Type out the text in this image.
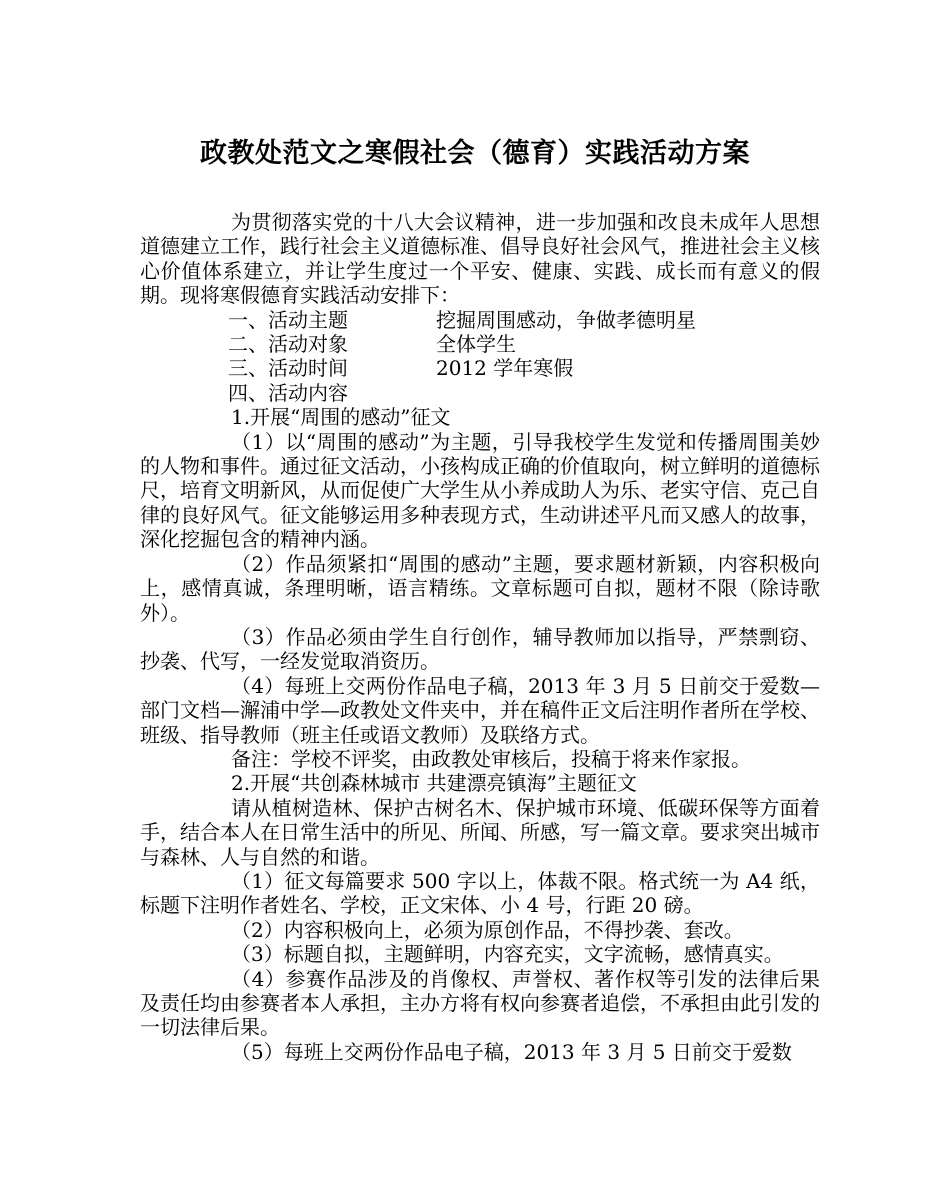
政教处范文之寒假社会（德育）实践活动方案

为贯彻落实党的十八大会议精神，进一步加强和改良未成年人思想道德建立工作，践行社会主义道德标准、倡导良好社会风气，推进社会主义核心价值体系建立，并让学生度过一个平安、健康、实践、成长而有意义的假期。现将寒假德育实践活动安排下：

一、活动主题	挖掘周围感动，争做孝德明星
二、活动对象	全体学生
三、活动时间	2012 学年寒假
四、活动内容

1.开展“周围的感动”征文

（1）以“周围的感动”为主题，引导我校学生发觉和传播周围美妙的人物和事件。通过征文活动，小孩构成正确的价值取向，树立鲜明的道德标尺，培育文明新风，从而促使广大学生从小养成助人为乐、老实守信、克己自律的良好风气。征文能够运用多种表现方式，生动讲述平凡而又感人的故事，深化挖掘包含的精神内涵。

（2）作品须紧扣“周围的感动”主题，要求题材新颖，内容积极向上，感情真诚，条理明晰，语言精练。文章标题可自拟，题材不限（除诗歌外）。

（3）作品必须由学生自行创作，辅导教师加以指导，严禁剽窃、抄袭、代写，一经发觉取消资历。

（4）每班上交两份作品电子稿，2013 年 3 月 5 日前交于爱数—部门文档—澥浦中学—政教处文件夹中，并在稿件正文后注明作者所在学校、班级、指导教师（班主任或语文教师）及联络方式。

备注：学校不评奖，由政教处审核后，投稿于将来作家报。

2.开展“共创森林城市 共建漂亮镇海”主题征文

请从植树造林、保护古树名木、保护城市环境、低碳环保等方面着手，结合本人在日常生活中的所见、所闻、所感，写一篇文章。要求突出城市与森林、人与自然的和谐。

（1）征文每篇要求 500 字以上，体裁不限。格式统一为 A4 纸，标题下注明作者姓名、学校，正文宋体、小 4 号，行距 20 磅。

（2）内容积极向上，必须为原创作品，不得抄袭、套改。

（3）标题自拟，主题鲜明，内容充实，文字流畅，感情真实。

（4）参赛作品涉及的肖像权、声誉权、著作权等引发的法律后果及责任均由参赛者本人承担，主办方将有权向参赛者追偿，不承担由此引发的一切法律后果。

（5）每班上交两份作品电子稿，2013 年 3 月 5 日前交于爱数
